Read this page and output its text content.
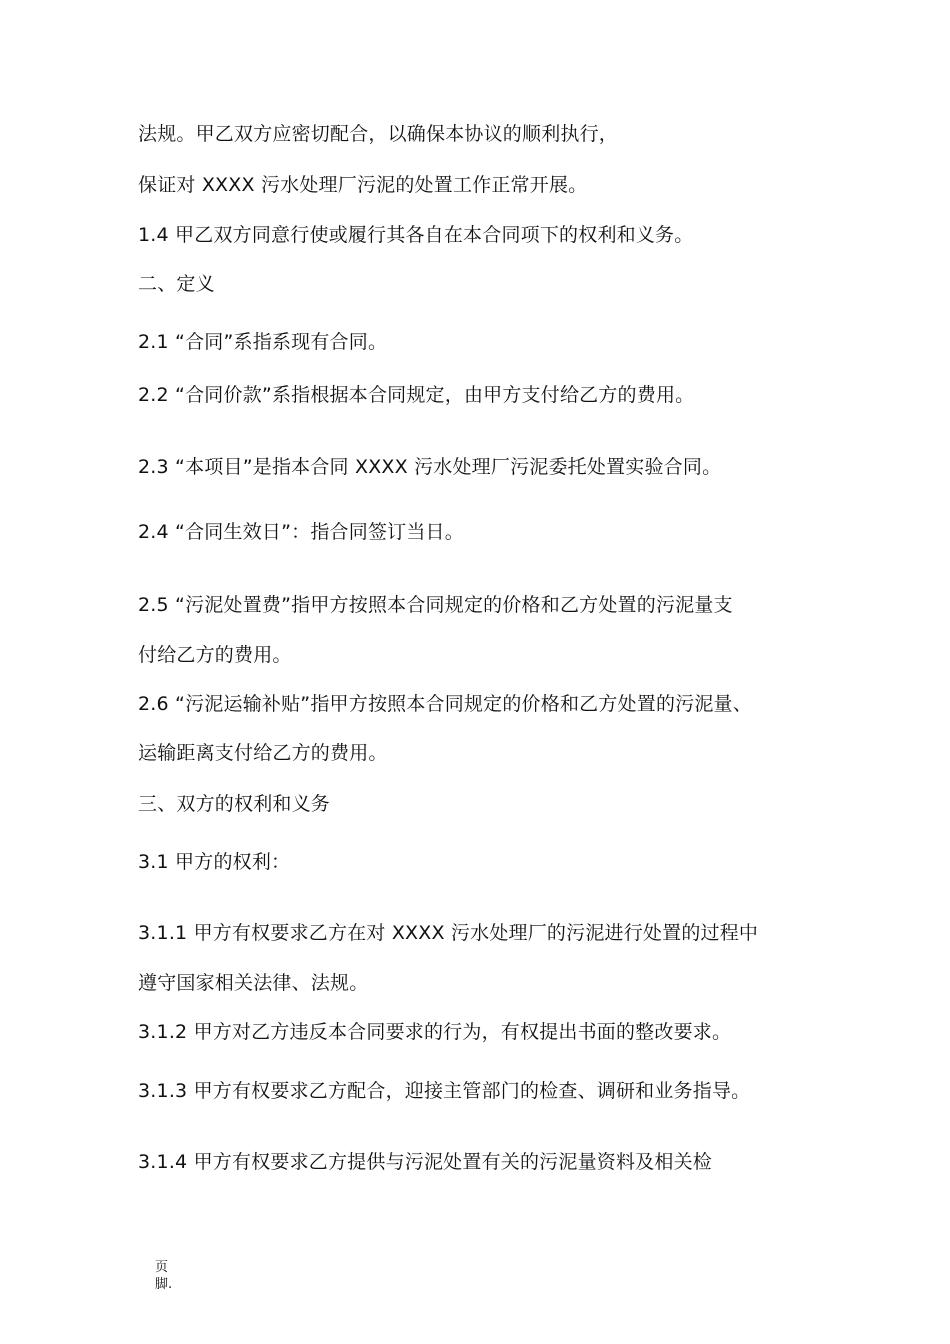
法规。甲乙双方应密切配合，以确保本协议的顺利执行，
保证对 XXXX 污水处理厂污泥的处置工作正常开展。
1.4 甲乙双方同意行使或履行其各自在本合同项下的权利和义务。
二、定义
2.1 “合同”系指系现有合同。
2.2 “合同价款”系指根据本合同规定，由甲方支付给乙方的费用。
2.3 “本项目”是指本合同 XXXX 污水处理厂污泥委托处置实验合同。
2.4 “合同生效日”：指合同签订当日。
2.5 “污泥处置费”指甲方按照本合同规定的价格和乙方处置的污泥量支
付给乙方的费用。
2.6 “污泥运输补贴”指甲方按照本合同规定的价格和乙方处置的污泥量、
运输距离支付给乙方的费用。
三、双方的权利和义务
3.1 甲方的权利：
3.1.1 甲方有权要求乙方在对 XXXX 污水处理厂的污泥进行处置的过程中
遵守国家相关法律、法规。
3.1.2 甲方对乙方违反本合同要求的行为，有权提出书面的整改要求。
3.1.3 甲方有权要求乙方配合，迎接主管部门的检查、调研和业务指导。
3.1.4 甲方有权要求乙方提供与污泥处置有关的污泥量资料及相关检
页脚.
